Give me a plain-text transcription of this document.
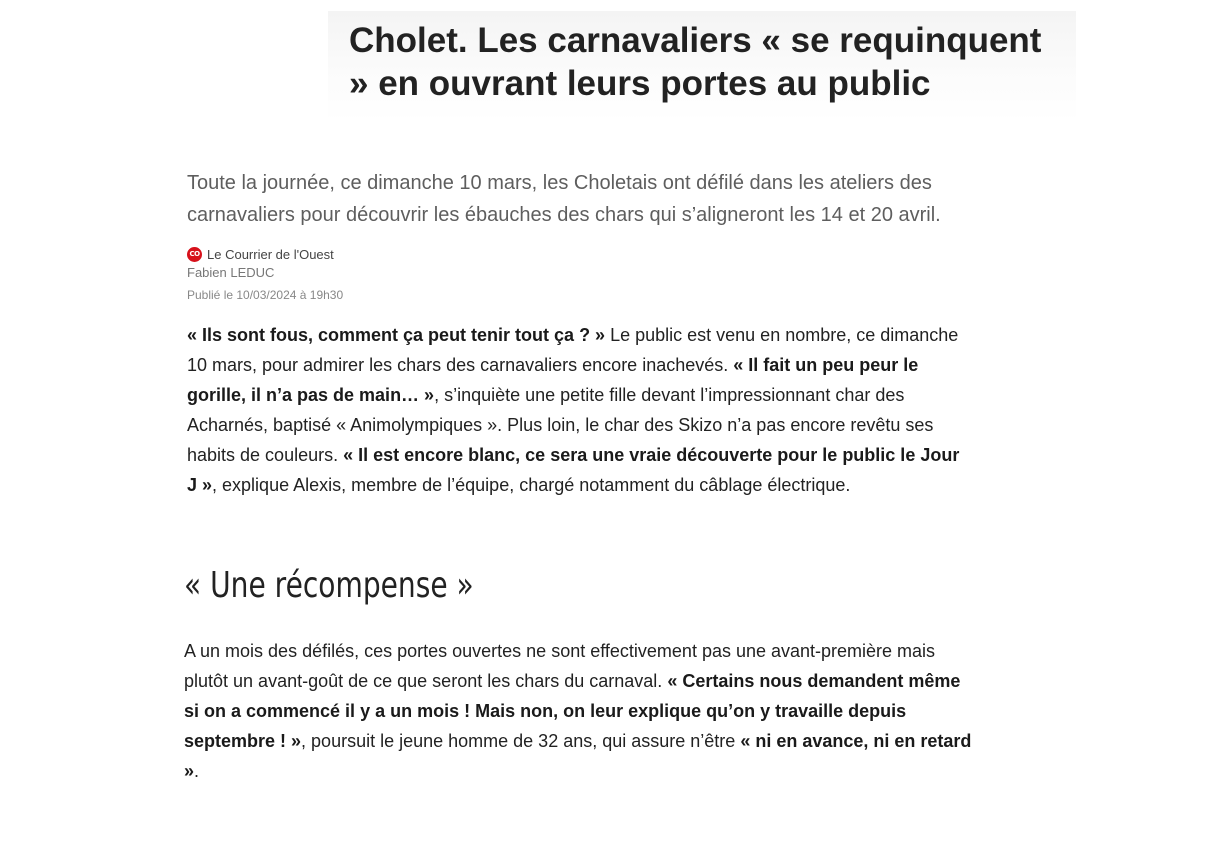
Cholet. Les carnavaliers « se requinquent » en ouvrant leurs portes au public

Toute la journée, ce dimanche 10 mars, les Choletais ont défilé dans les ateliers des carnavaliers pour découvrir les ébauches des chars qui s’aligneront les 14 et 20 avril.

CO Le Courrier de l'Ouest
Fabien LEDUC
Publié le 10/03/2024 à 19h30

« Ils sont fous, comment ça peut tenir tout ça ? » Le public est venu en nombre, ce dimanche 10 mars, pour admirer les chars des carnavaliers encore inachevés. « Il fait un peu peur le gorille, il n’a pas de main… », s’inquiète une petite fille devant l’impressionnant char des Acharnés, baptisé « Animolympiques ». Plus loin, le char des Skizo n’a pas encore revêtu ses habits de couleurs. « Il est encore blanc, ce sera une vraie découverte pour le public le Jour J », explique Alexis, membre de l’équipe, chargé notamment du câblage électrique.

« Une récompense »

A un mois des défilés, ces portes ouvertes ne sont effectivement pas une avant-première mais plutôt un avant-goût de ce que seront les chars du carnaval. « Certains nous demandent même si on a commencé il y a un mois ! Mais non, on leur explique qu’on y travaille depuis septembre ! », poursuit le jeune homme de 32 ans, qui assure n’être « ni en avance, ni en retard ».
